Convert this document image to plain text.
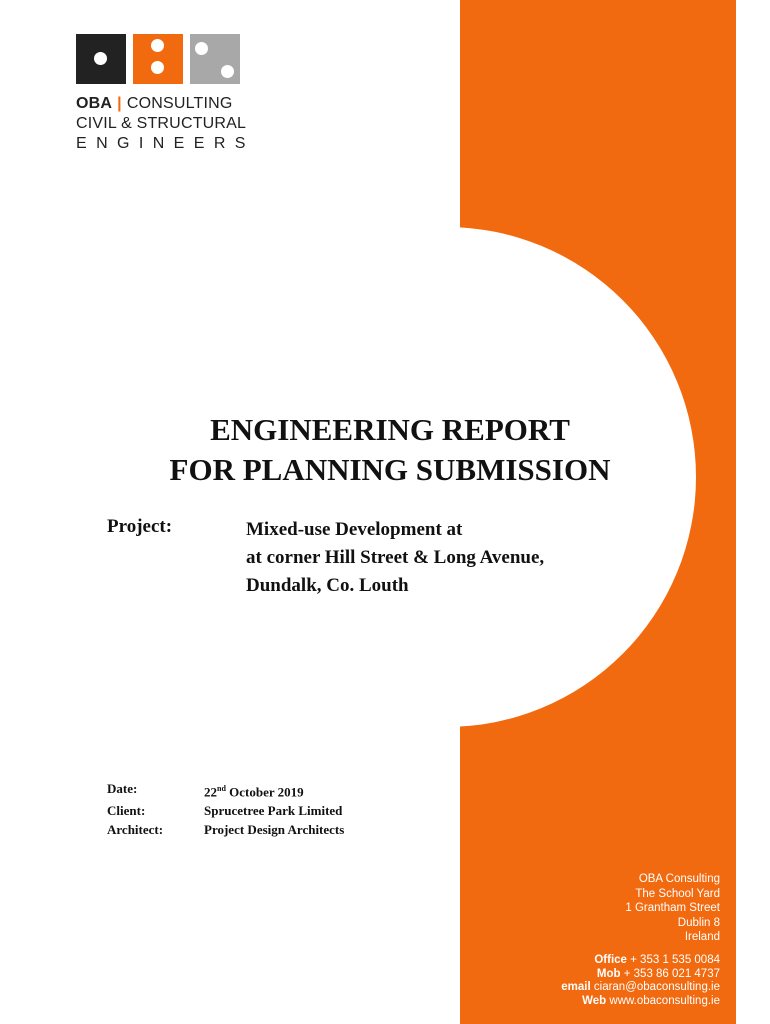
OBA | CONSULTING
CIVIL & STRUCTURAL
ENGINEERS
ENGINEERING REPORT
FOR PLANNING SUBMISSION
Project:	Mixed-use Development at
at corner Hill Street & Long Avenue,
Dundalk, Co. Louth
Date:	22nd October 2019
Client:	Sprucetree Park Limited
Architect:	Project Design Architects
OBA Consulting
The School Yard
1 Grantham Street
Dublin 8
Ireland
Office + 353 1 535 0084
Mob + 353 86 021 4737
email ciaran@obaconsulting.ie
Web www.obaconsulting.ie
